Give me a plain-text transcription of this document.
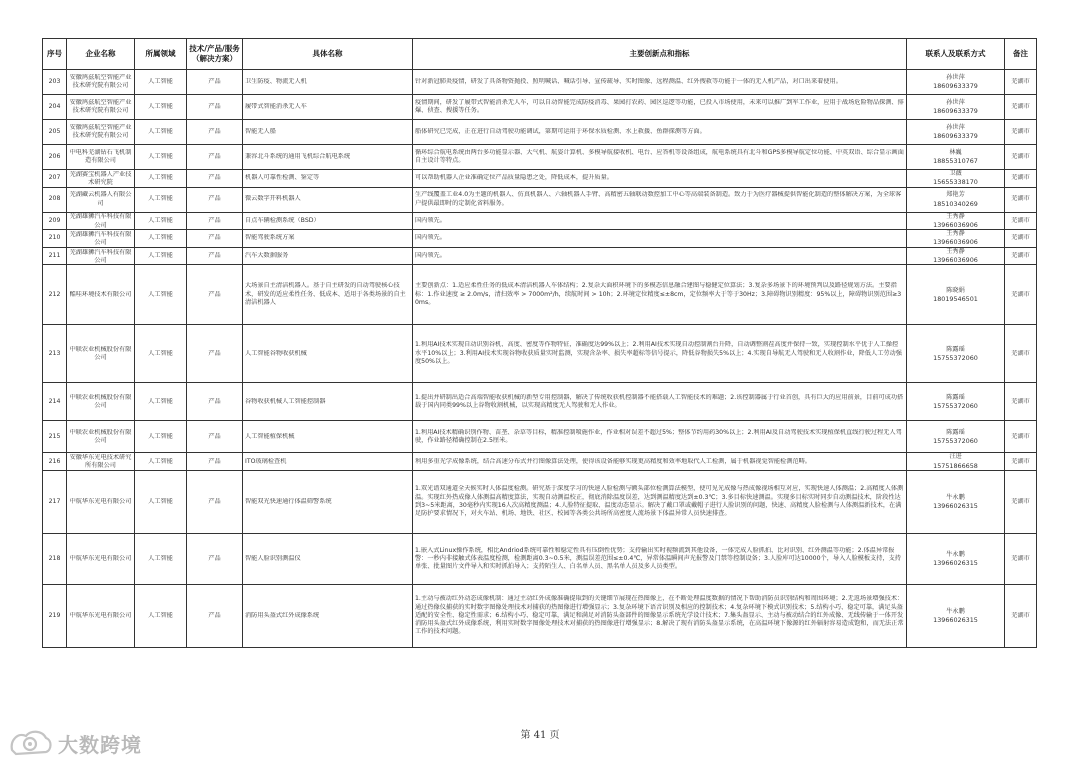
序号	企业名称	所属领域	技术/产品/服务（解决方案）	具体名称	主要创新点和指标	联系人及联系方式	备注

203	安徽鸠兹航空智能产业技术研究院有限公司	人工智能	产品	卫生防疫、物流无人机	针对新冠肺炎疫情，研发了具备物资抛投、照明喊话、喊话引导、宣传疏导、实时图像、远程测温、红外搜救等功能于一体的无人机产品，对口出来着使用。	孙世萍
18609633379	芜湖市

204	安徽鸠兹航空智能产业技术研究院有限公司	人工智能	产品	履带式智能消杀无人车	疫情期间，研发了履带式智能消杀无人车，可以自动智能完成防疫消毒、果园打农药、园区巡逻等功能，已投入市场使用，未来可以推广到军工作业，应用于战场危险物品探测、排爆、侦查、搜援等任务。	孙世萍
18609633379	芜湖市

205	安徽鸠兹航空智能产业技术研究院有限公司	人工智能	产品	智能无人船	船体研究已完成，正在进行自动驾驶功能调试，第期可运用于环保水质检测、水上救援、鱼群探测等方面。	孙世萍
18609633379	芜湖市

206	中电科芜湖钻石飞机制造有限公司	人工智能	产品	兼容北斗系统的通用飞机综合航电系统	循环综合航电系统由两台多功能显示器、大气机、航姿计算机、多模导航接收机、电台、应答机等设备组成，航电系统具有北斗和GPS多模导航定位功能、中英双语、综合显示画面自主设计等特点。	林巍
18855310767	芜湖市

207	芜湖赛宝机器人产业技术研究院	人工智能	产品	机器人可靠性检测、鉴定等	可以帮助机器人企业准确定位产品质量隐患之处，降低成本，提升质量。	卫薇
15655338170	芜湖市

208	芜湖藏云机器人有限公司	人工智能	产品	微云数字开料机器人	生产线覆盖工业4.0为主题的机器人、仿真机器人、六轴机器人手臂、高精密五轴联动数控加工中心等高端装备制造。致力于为医疗器械提供智能化制造的整体解决方案，为全球客户提供最即时的定制化省料服务。	郑艳芳
18510340269	芜湖市

209	芜湖雄狮汽车科技有限公司	人工智能	产品	自点车辆检测系统（BSD）	国内领先。	王秀静
13966036906	芜湖市

210	芜湖雄狮汽车科技有限公司	人工智能	产品	智能驾驶系统方案	国内领先。	王秀静
13966036906	芜湖市

211	芜湖雄狮汽车科技有限公司	人工智能	产品	汽车大数据服务	国内领先。	王秀静
13966036906	芜湖市

212	酷哇环境技术有限公司	人工智能	产品	大场景自主清洁机器人。基于自主研发的自动驾驶核心技术，研发的适应柔性任务、低成本、适用于各类场景的自主清洁机器人	主要创新点：1.适应柔性任务的低成本清洁机器人车体结构；2.复杂大面积环境下的多模态信息融合建图与稳健定位算法；3.复杂多场景下的环境预判以及路径规划方法。主要指标：1.作业速度 ≥ 2.0m/s，清扫效率 > 7000m²/h，续航时间 > 10h；2.环境定位精度≤±8cm，定位频率大于等于30Hz；3.障碍物识别精度：95%以上，障碍物识别范围≥30ms。	陈晓娟
18019546501	芜湖市

213	中联农业机械股份有限公司	人工智能	产品	人工智能谷物收获机械	1.利用AI技术实现自动识别谷机、高度、密度等作物特征，准确度达99%以上；2.利用AI技术实现自动控制割台升降，自动调整割茬高度并保持一致，实现控制水平优于人工操控水平10%以上；3.利用AI技术实现谷物收获质量实时监测，实现含杂率、损失率超标等信号提示，降低谷物损失5%以上；4.实现自导航无人驾驶和无人收割作业，降低人工劳动强度50%以上。	陈露瑶
15755372060	芜湖市

214	中联农业机械股份有限公司	人工智能	产品	谷物收获机械人工智能控制器	1.提出并研制出适合高端智能收获机械的新型专用控制器，解决了传统收获机控制器不能搭载人工智能技术的难题；2.该控制器属于行业首创，具有巨大的应用前景，目前可成功搭载于国内同类99%以上谷物收割机械，以实现高精度无人驾驶和无人作业。	陈露瑶
15755372060	芜湖市

215	中联农业机械股份有限公司	人工智能	产品	人工智能植保机械	1.利用AI技术精确识别作物、苗垄、杂草等目标，精准控制喷施作业，作业相对误差不超过5%；整体节约用药30%以上；2.利用AI及自动驾驶技术实现植保机直线行驶过程无人驾驶，作业路径精确控制在2.5厘米。	陈露瑶
15755372060	芜湖市

216	安徽华东光电技术研究所有限公司	人工智能	产品	ITO玻璃检查机	利用多重光学成像系统，结合高速分布式并行图像算法处理，使得该设备能够实现更高精度和效率地取代人工检测，属于机器视觉智能检测范畴。	汪进
15751866658	芜湖市

217	中航华东光电有限公司	人工智能	产品	智能双光快速通行体温筛警系统	1.双光谱双通道全天候实时人体温度检测。研究基于深度学习的快速人脸检测与额头部位检测算法模型，使可见光成像与热成像视场相互对应，实现快速人体测温；2.高精度人体测温。实现红外热成像人体测温高精度算法，实现自动测温校正，彻底消除温度误差，达到测温精度达到±0.3℃；3.多目标快速测温。实现多目标实时同步自动测温技术，阶段性达到3~5米距离，30毫秒内实现16人次高精度测温；4.人脸特征提取、温度动态显示。解决了戴口罩或戴帽子进行人脸识别的问题，快速、高精度人脸检测与人体测温新技术，在满足防护要求情况下，对火车站、机场、地铁、社区、校园等各类公共场所高密度人流场景下体温异常人员快速排查。	牛永鹏
13966026315	芜湖市

218	中航华东光电有限公司	人工智能	产品	智能人脸识别测温仪	1.嵌入式Linux操作系统，相比Andriod系统可靠性和稳定性具有压倒性优势；支持输出实时视频流到其他设备，一体完成人脸抓拍、比对识别、红外测温等功能；2.体温异常报警：一秒内非接触式体表温度检测，检测距离0.3~0.5米，测温误差范围≤±0.4℃，异常体温瞬间声光报警及门禁等控制设备；3.人脸库可达10000个，导入人脸模板支持，支持单张、批量图片文件导入和实时抓拍导入；支持陌生人、白名单人员、黑名单人员及多人员类型。	牛永鹏
13966026315	芜湖市

219	中航华东光电有限公司	人工智能	产品	消防用头盔式红外成像系统	1.主动与被动红外动态成像机制：通过主动红外成像准确提取到的关键细节展现在热图像上，在不断处理温度数据的情况下帮助消防员识别结构和周围环境；2.无返场景增强技术：通过热像仪捕获的实时数字图像处理技术对捕获的热图像进行增强显示；3.复杂环境下语音识别及相应的控制技术；4.复杂环境下模式识别技术；5.结构小巧、稳定可靠，满足头盔适配的安全性、稳定性需求；6.结构小巧、稳定可靠，满足和满足对消防头盔部件的图像显示系统光学设计技术；7.集头盔显示、主动与被动结合的红外成像、无线传输于一体开发消防用头盔式红外成像系统，利用实时数字图像处理技术对捕获的热图像进行增强显示；8.解决了现有消防头盔显示系统，在高温环境下像源的红外辐射容易造成饱和，而无法正常工作的技术问题。	牛永鹏
13966026315	芜湖市
第 41 页
大数跨境
